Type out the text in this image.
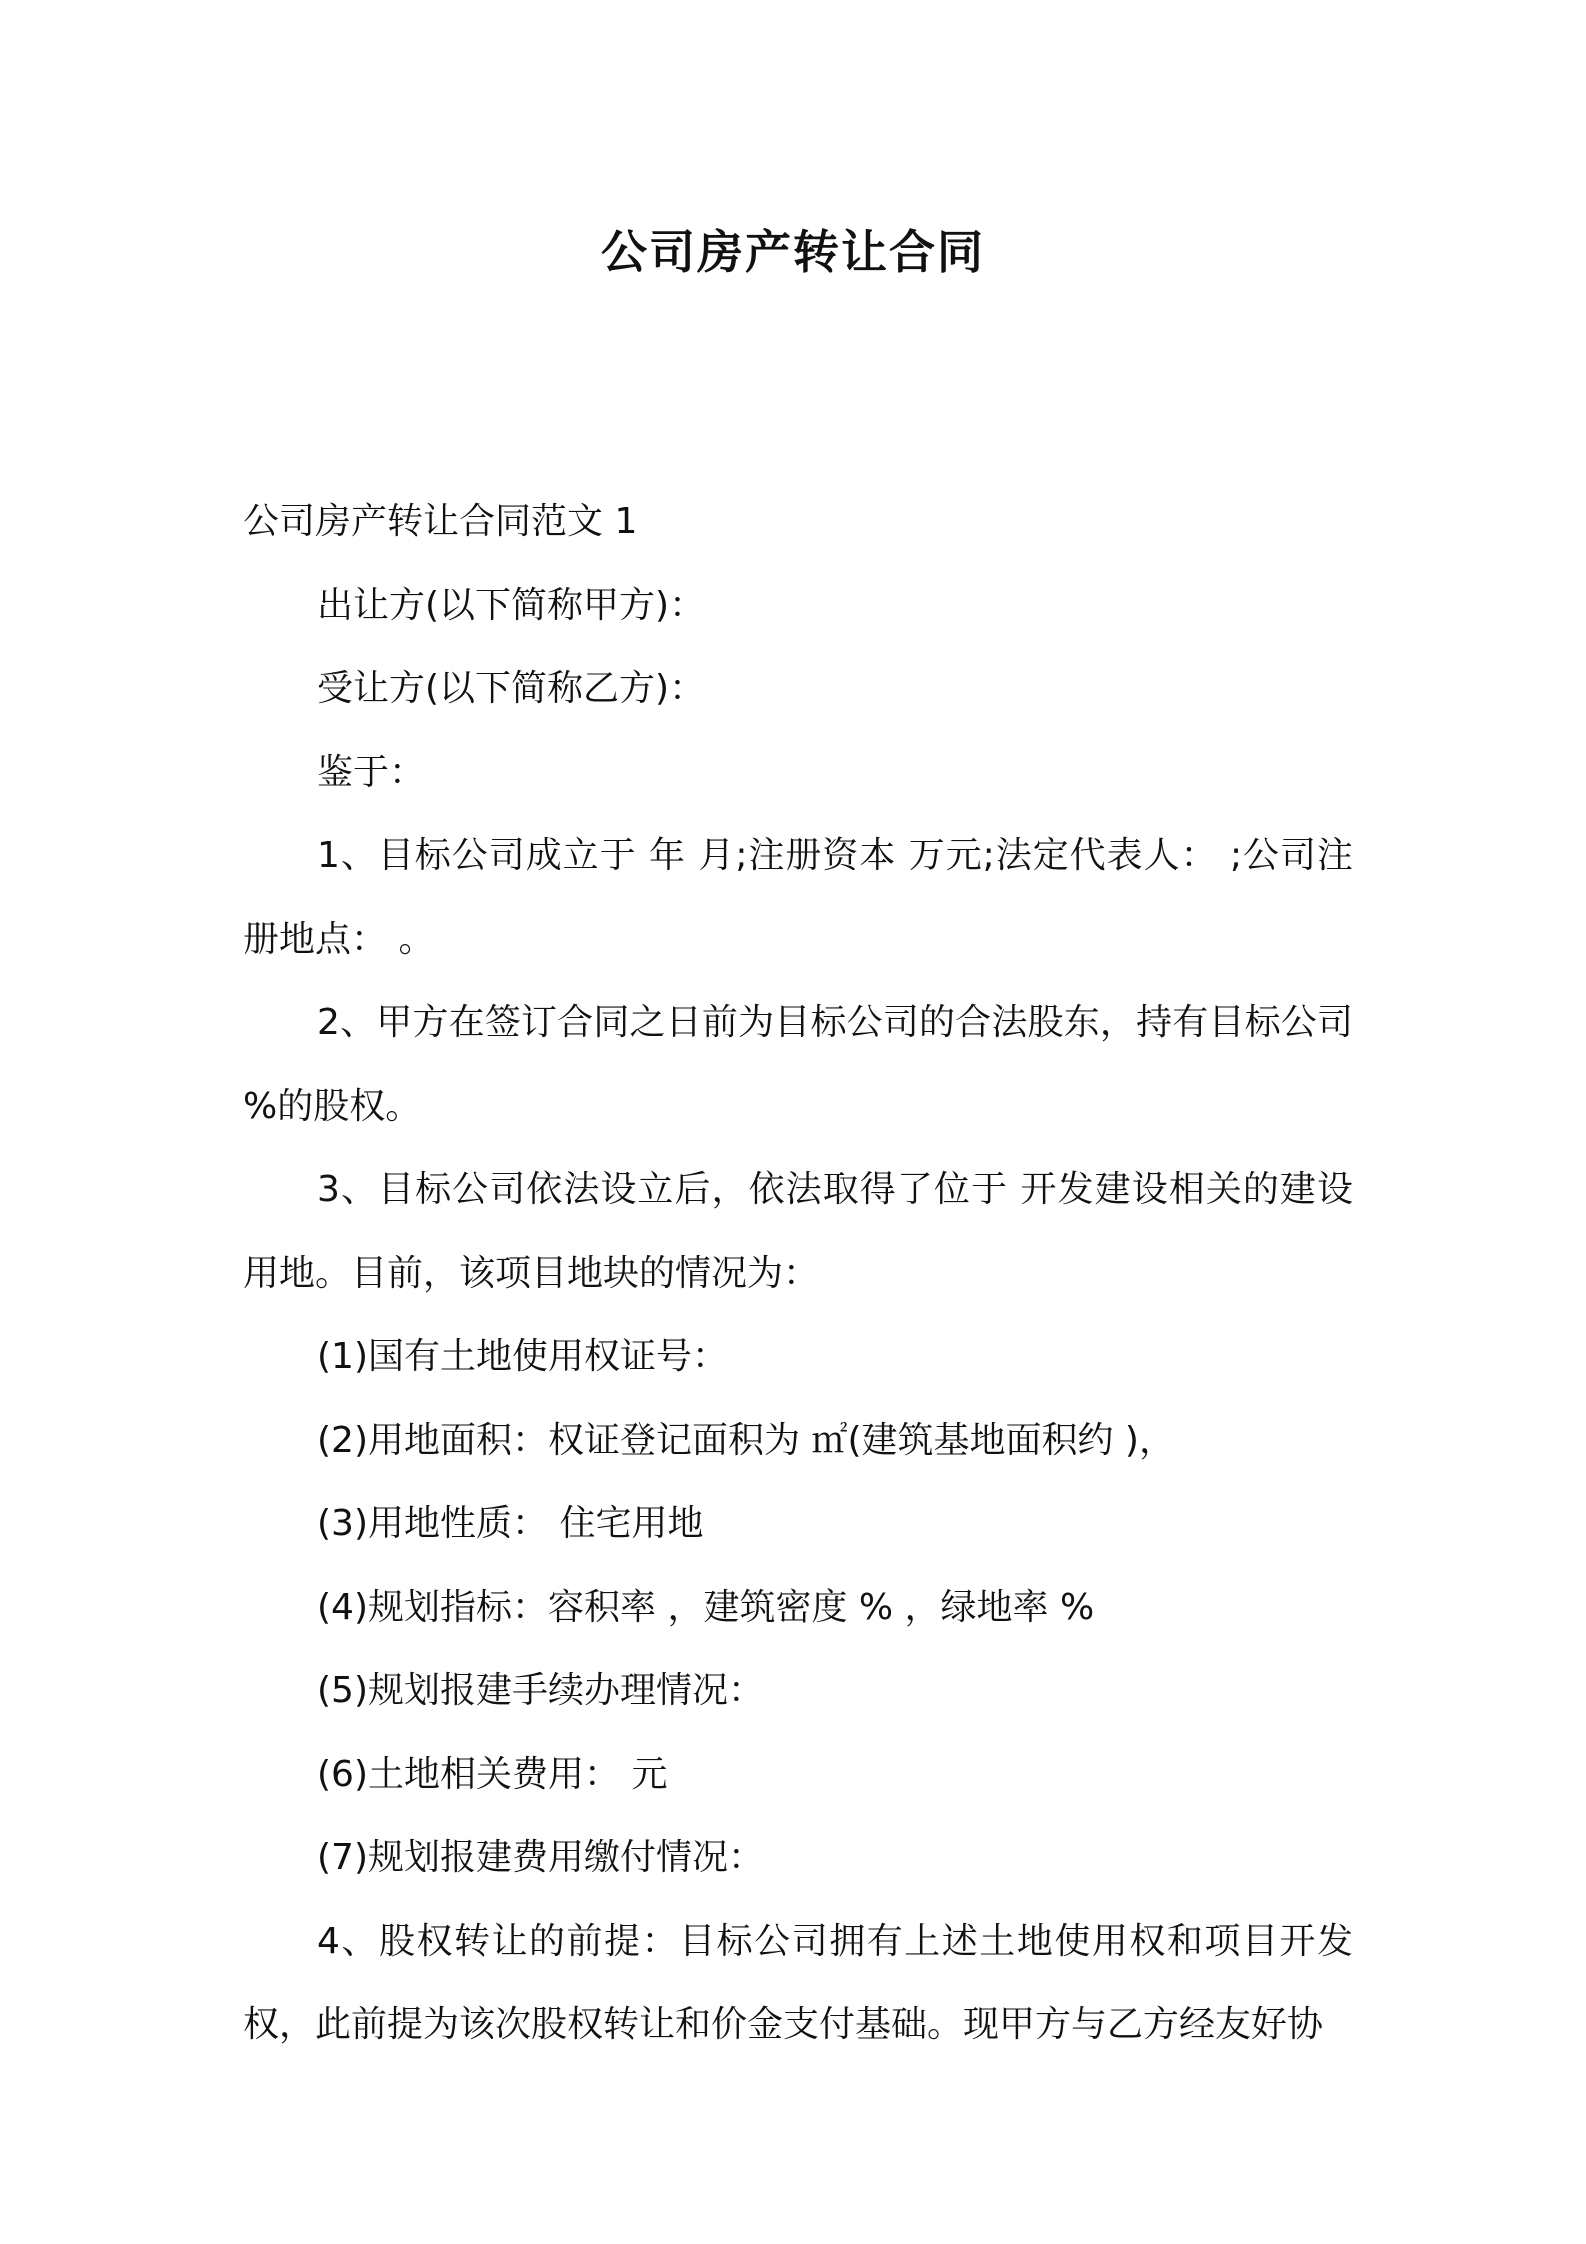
公司房产转让合同

公司房产转让合同范文 1

出让方(以下简称甲方)：

受让方(以下简称乙方)：

鉴于：

1、目标公司成立于 年 月;注册资本 万元;法定代表人： ;公司注册地点： 。

2、甲方在签订合同之日前为目标公司的合法股东，持有目标公司 %的股权。

3、目标公司依法设立后，依法取得了位于 开发建设相关的建设用地。目前，该项目地块的情况为：

(1)国有土地使用权证号：

(2)用地面积：权证登记面积为 ㎡(建筑基地面积约 )，

(3)用地性质： 住宅用地

(4)规划指标：容积率 ，建筑密度 % ，绿地率 %

(5)规划报建手续办理情况：

(6)土地相关费用： 元

(7)规划报建费用缴付情况：

4、股权转让的前提：目标公司拥有上述土地使用权和项目开发权，此前提为该次股权转让和价金支付基础。现甲方与乙方经友好协
